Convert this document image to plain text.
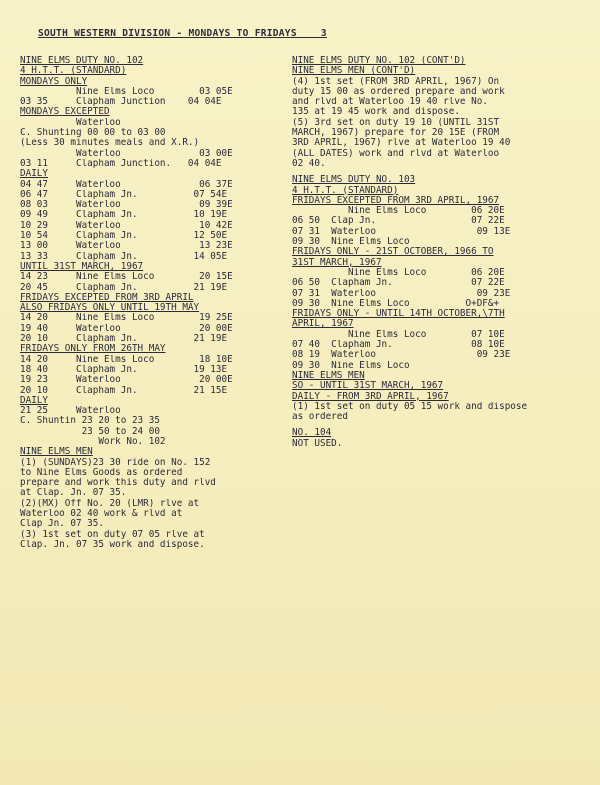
SOUTH WESTERN DIVISION - MONDAYS TO FRIDAYS    3
NINE ELMS DUTY NO. 102
4 H.T.T. (STANDARD)
MONDAYS ONLY
Nine Elms Loco        03 05E
03 35     Clapham Junction    04 04E
MONDAYS EXCEPTED
Waterloo
C. Shunting 00 00 to 03 00
(Less 30 minutes meals and X.R.)
Waterloo              03 00E
03 11     Clapham Junction.   04 04E
DAILY
04 47     Waterloo              06 37E
06 47     Clapham Jn.          07 54E
08 03     Waterloo              09 39E
09 49     Clapham Jn.          10 19E
10 29     Waterloo              10 42E
10 54     Clapham Jn.          12 50E
13 00     Waterloo              13 23E
13 33     Clapham Jn.          14 05E
UNTIL 31ST MARCH, 1967
14 23     Nine Elms Loco        20 15E
20 45     Clapham Jn.          21 19E
FRIDAYS EXCEPTED FROM 3RD APRIL
ALSO FRIDAYS ONLY UNTIL 19TH MAY
14 20     Nine Elms Loco        19 25E
19 40     Waterloo              20 00E
20 10     Clapham Jn.          21 19E
FRIDAYS ONLY FROM 26TH MAY
14 20     Nine Elms Loco        18 10E
18 40     Clapham Jn.          19 13E
19 23     Waterloo              20 00E
20 10     Clapham Jn.          21 15E
DAILY
21 25     Waterloo
C. Shuntin 23 20 to 23 35
23 50 to 24 00
Work No. 102
NINE ELMS MEN
(1) (SUNDAYS)23 30 ride on No. 152
to Nine Elms Goods as ordered
prepare and work this duty and rlvd
at Clap. Jn. 07 35.
(2)(MX) Off No. 20 (LMR) rlve at
Waterloo 02 40 work & rlvd at
Clap Jn. 07 35.
(3) 1st set on duty 07 05 rlve at
Clap. Jn. 07 35 work and dispose.
NINE ELMS DUTY NO. 102 (CONT'D)
NINE ELMS MEN (CONT'D)
(4) 1st set (FROM 3RD APRIL, 1967) On
duty 15 00 as ordered prepare and work
and rlvd at Waterloo 19 40 rlve No.
135 at 19 45 work and dispose.
(5) 3rd set on duty 19 10 (UNTIL 31ST
MARCH, 1967) prepare for 20 15E (FROM
3RD APRIL, 1967) rlve at Waterloo 19 40
(ALL DATES) work and rlvd at Waterloo
02 40.
NINE ELMS DUTY NO. 103
4 H.T.T. (STANDARD)
FRIDAYS EXCEPTED FROM 3RD APRIL, 1967
Nine Elms Loco        06 20E
06 50  Clap Jn.                 07 22E
07 31  Waterloo                  09 13E
09 30  Nine Elms Loco
FRIDAYS ONLY - 21ST OCTOBER, 1966 TO
31ST MARCH, 1967
Nine Elms Loco        06 20E
06 50  Clapham Jn.              07 22E
07 31  Waterloo                  09 23E
09 30  Nine Elms Loco          O+DF&+
FRIDAYS ONLY - UNTIL 14TH OCTOBER,\7TH
APRIL, 1967
Nine Elms Loco        07 10E
07 40  Clapham Jn.              08 10E
08 19  Waterloo                  09 23E
09 30  Nine Elms Loco
NINE ELMS MEN
SO - UNTIL 31ST MARCH, 1967
DAILY - FROM 3RD APRIL, 1967
(1) 1st set on duty 05 15 work and dispose
as ordered
NO. 104
NOT USED.
